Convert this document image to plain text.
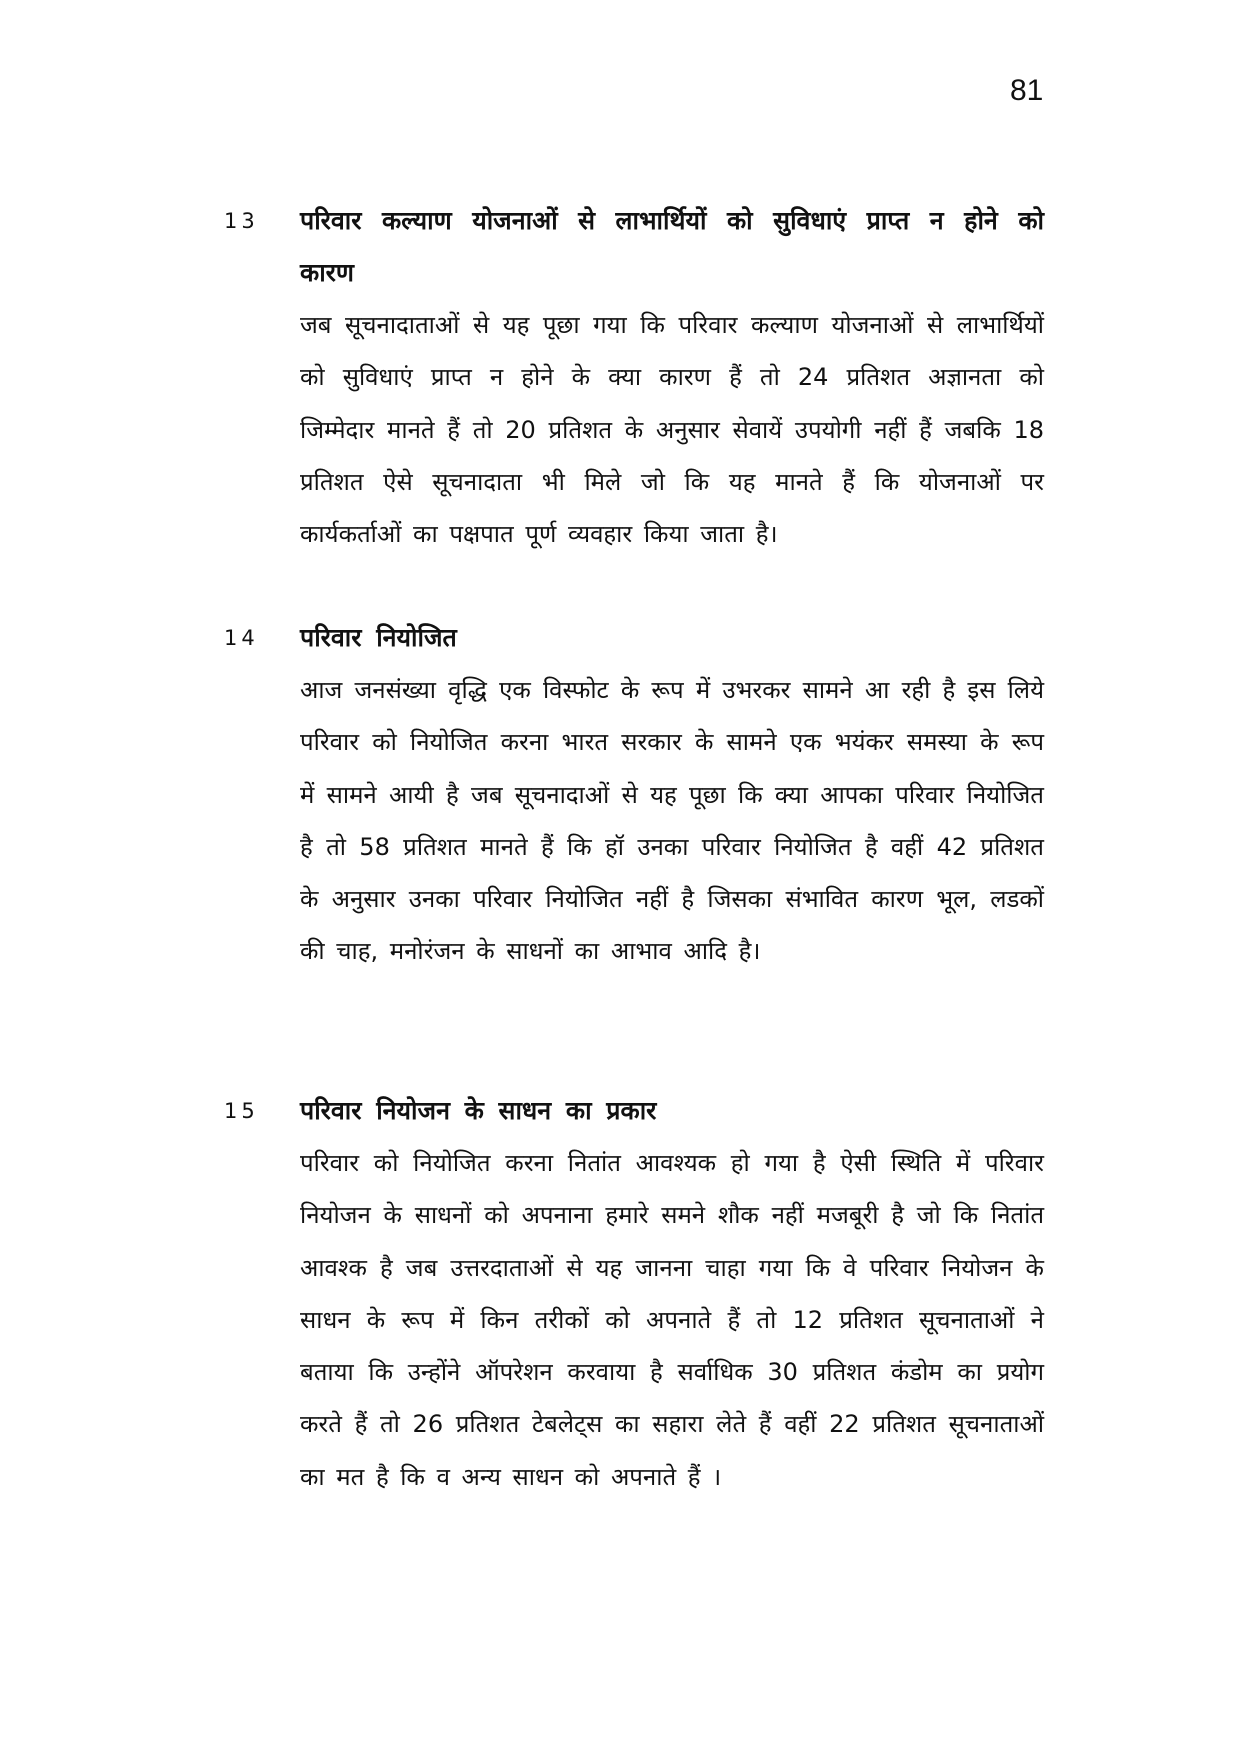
81
13 परिवार कल्याण योजनाओं से लाभार्थियों को सुविधाएं प्राप्त न होने को कारण
जब सूचनादाताओं से यह पूछा गया कि परिवार कल्याण योजनाओं से लाभार्थियों को सुविधाएं प्राप्त न होने के क्या कारण हैं तो 24 प्रतिशत अज्ञानता को जिम्मेदार मानते हैं तो 20 प्रतिशत के अनुसार सेवायें उपयोगी नहीं हैं जबकि 18 प्रतिशत ऐसे सूचनादाता भी मिले जो कि यह मानते हैं कि योजनाओं पर कार्यकर्ताओं का पक्षपात पूर्ण व्यवहार किया जाता है।
14 परिवार नियोजित
आज जनसंख्या वृद्धि एक विस्फोट के रूप में उभरकर सामने आ रही है इस लिये परिवार को नियोजित करना भारत सरकार के सामने एक भयंकर समस्या के रूप में सामने आयी है जब सूचनादाओं से यह पूछा कि क्या आपका परिवार नियोजित है तो 58 प्रतिशत मानते हैं कि हॉ उनका परिवार नियोजित है वहीं 42 प्रतिशत के अनुसार उनका परिवार नियोजित नहीं है जिसका संभावित कारण भूल, लडकों की चाह, मनोरंजन के साधनों का आभाव आदि है।
15 परिवार नियोजन के साधन का प्रकार
परिवार को नियोजित करना नितांत आवश्यक हो गया है ऐसी स्थिति में परिवार नियोजन के साधनों को अपनाना हमारे समने शौक नहीं मजबूरी है जो कि नितांत आवश्क है जब उत्तरदाताओं से यह जानना चाहा गया कि वे परिवार नियोजन के साधन के रूप में किन तरीकों को अपनाते हैं तो 12 प्रतिशत सूचनाताओं ने बताया कि उन्होंने ऑपरेशन करवाया है सर्वाधिक 30 प्रतिशत कंडोम का प्रयोग करते हैं तो 26 प्रतिशत टेबलेट्स का सहारा लेते हैं वहीं 22 प्रतिशत सूचनाताओं का मत है कि व अन्य साधन को अपनाते हैं ।
